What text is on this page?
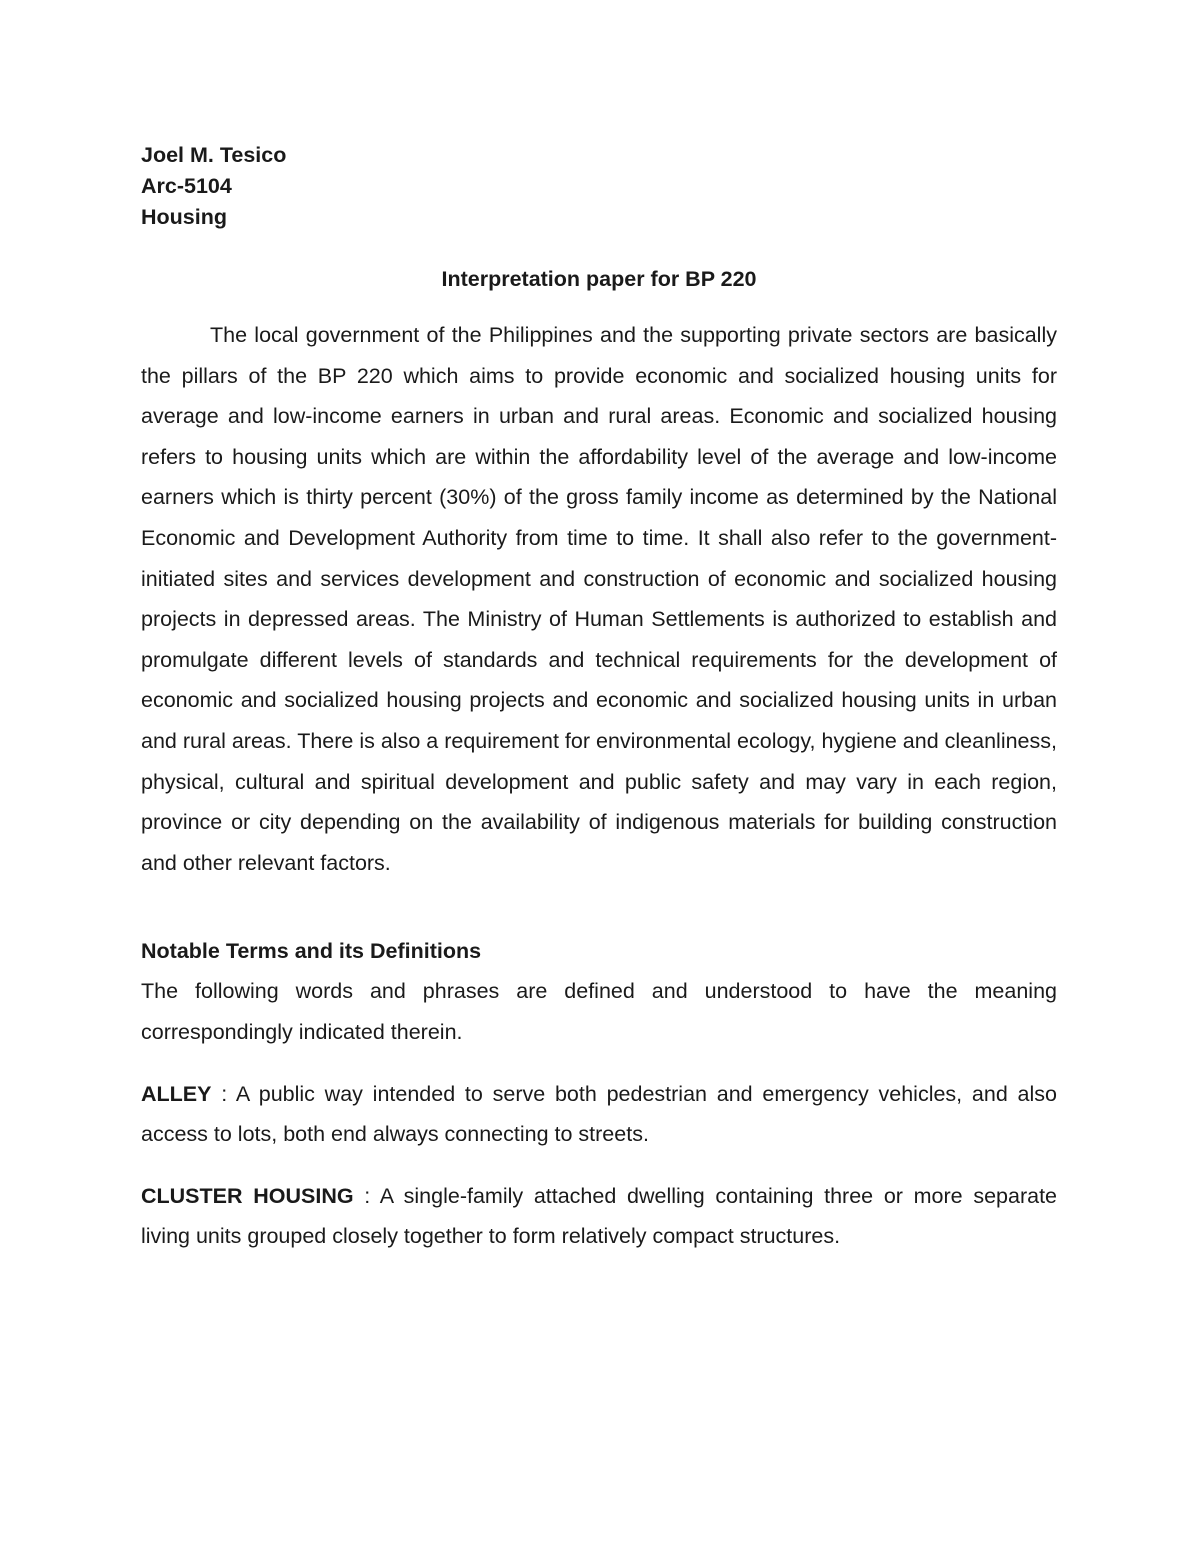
Joel M. Tesico

Arc-5104

Housing

Interpretation paper for BP 220

The local government of the Philippines and the supporting private sectors are basically the pillars of the BP 220 which aims to provide economic and socialized housing units for average and low-income earners in urban and rural areas. Economic and socialized housing refers to housing units which are within the affordability level of the average and low-income earners which is thirty percent (30%) of the gross family income as determined by the National Economic and Development Authority from time to time. It shall also refer to the government-initiated sites and services development and construction of economic and socialized housing projects in depressed areas. The Ministry of Human Settlements is authorized to establish and promulgate different levels of standards and technical requirements for the development of economic and socialized housing projects and economic and socialized housing units in urban and rural areas. There is also a requirement for environmental ecology, hygiene and cleanliness, physical, cultural and spiritual development and public safety and may vary in each region, province or city depending on the availability of indigenous materials for building construction and other relevant factors.

Notable Terms and its Definitions

The following words and phrases are defined and understood to have the meaning correspondingly indicated therein.

ALLEY : A public way intended to serve both pedestrian and emergency vehicles, and also access to lots, both end always connecting to streets.

CLUSTER HOUSING : A single-family attached dwelling containing three or more separate living units grouped closely together to form relatively compact structures.
